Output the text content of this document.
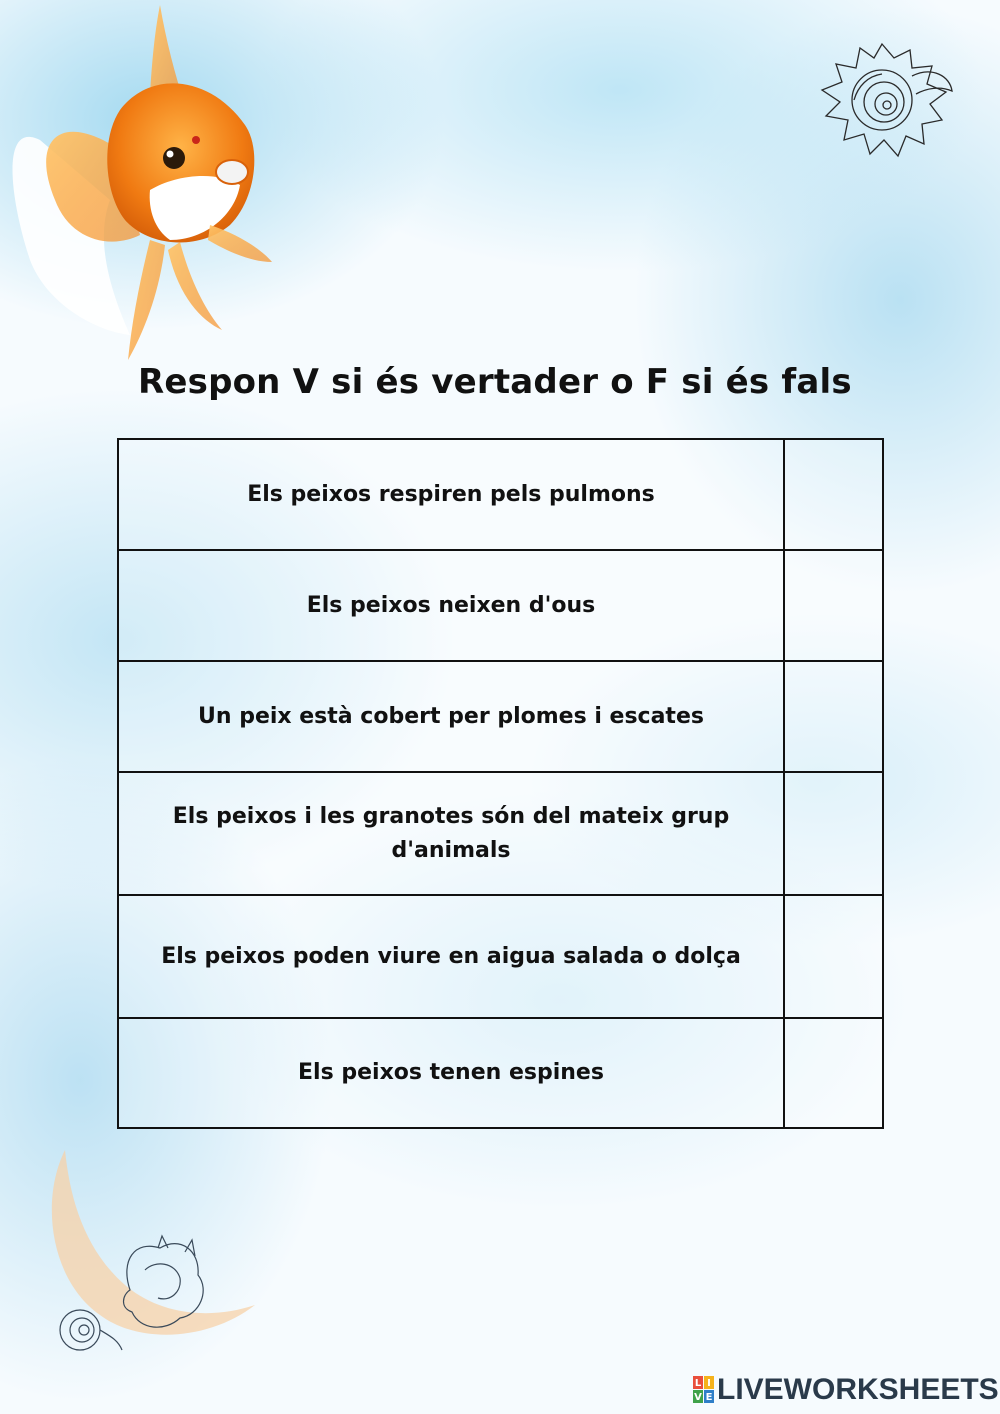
Respon V si és vertader o F si és fals
Els peixos respiren pels pulmons	
Els peixos neixen d'ous	
Un peix està cobert per plomes i escates	
Els peixos i les granotes són del mateix grup d'animals	
Els peixos poden viure en aigua salada o dolça	
Els peixos tenen espines	
L I
V E LIVEWORKSHEETS
